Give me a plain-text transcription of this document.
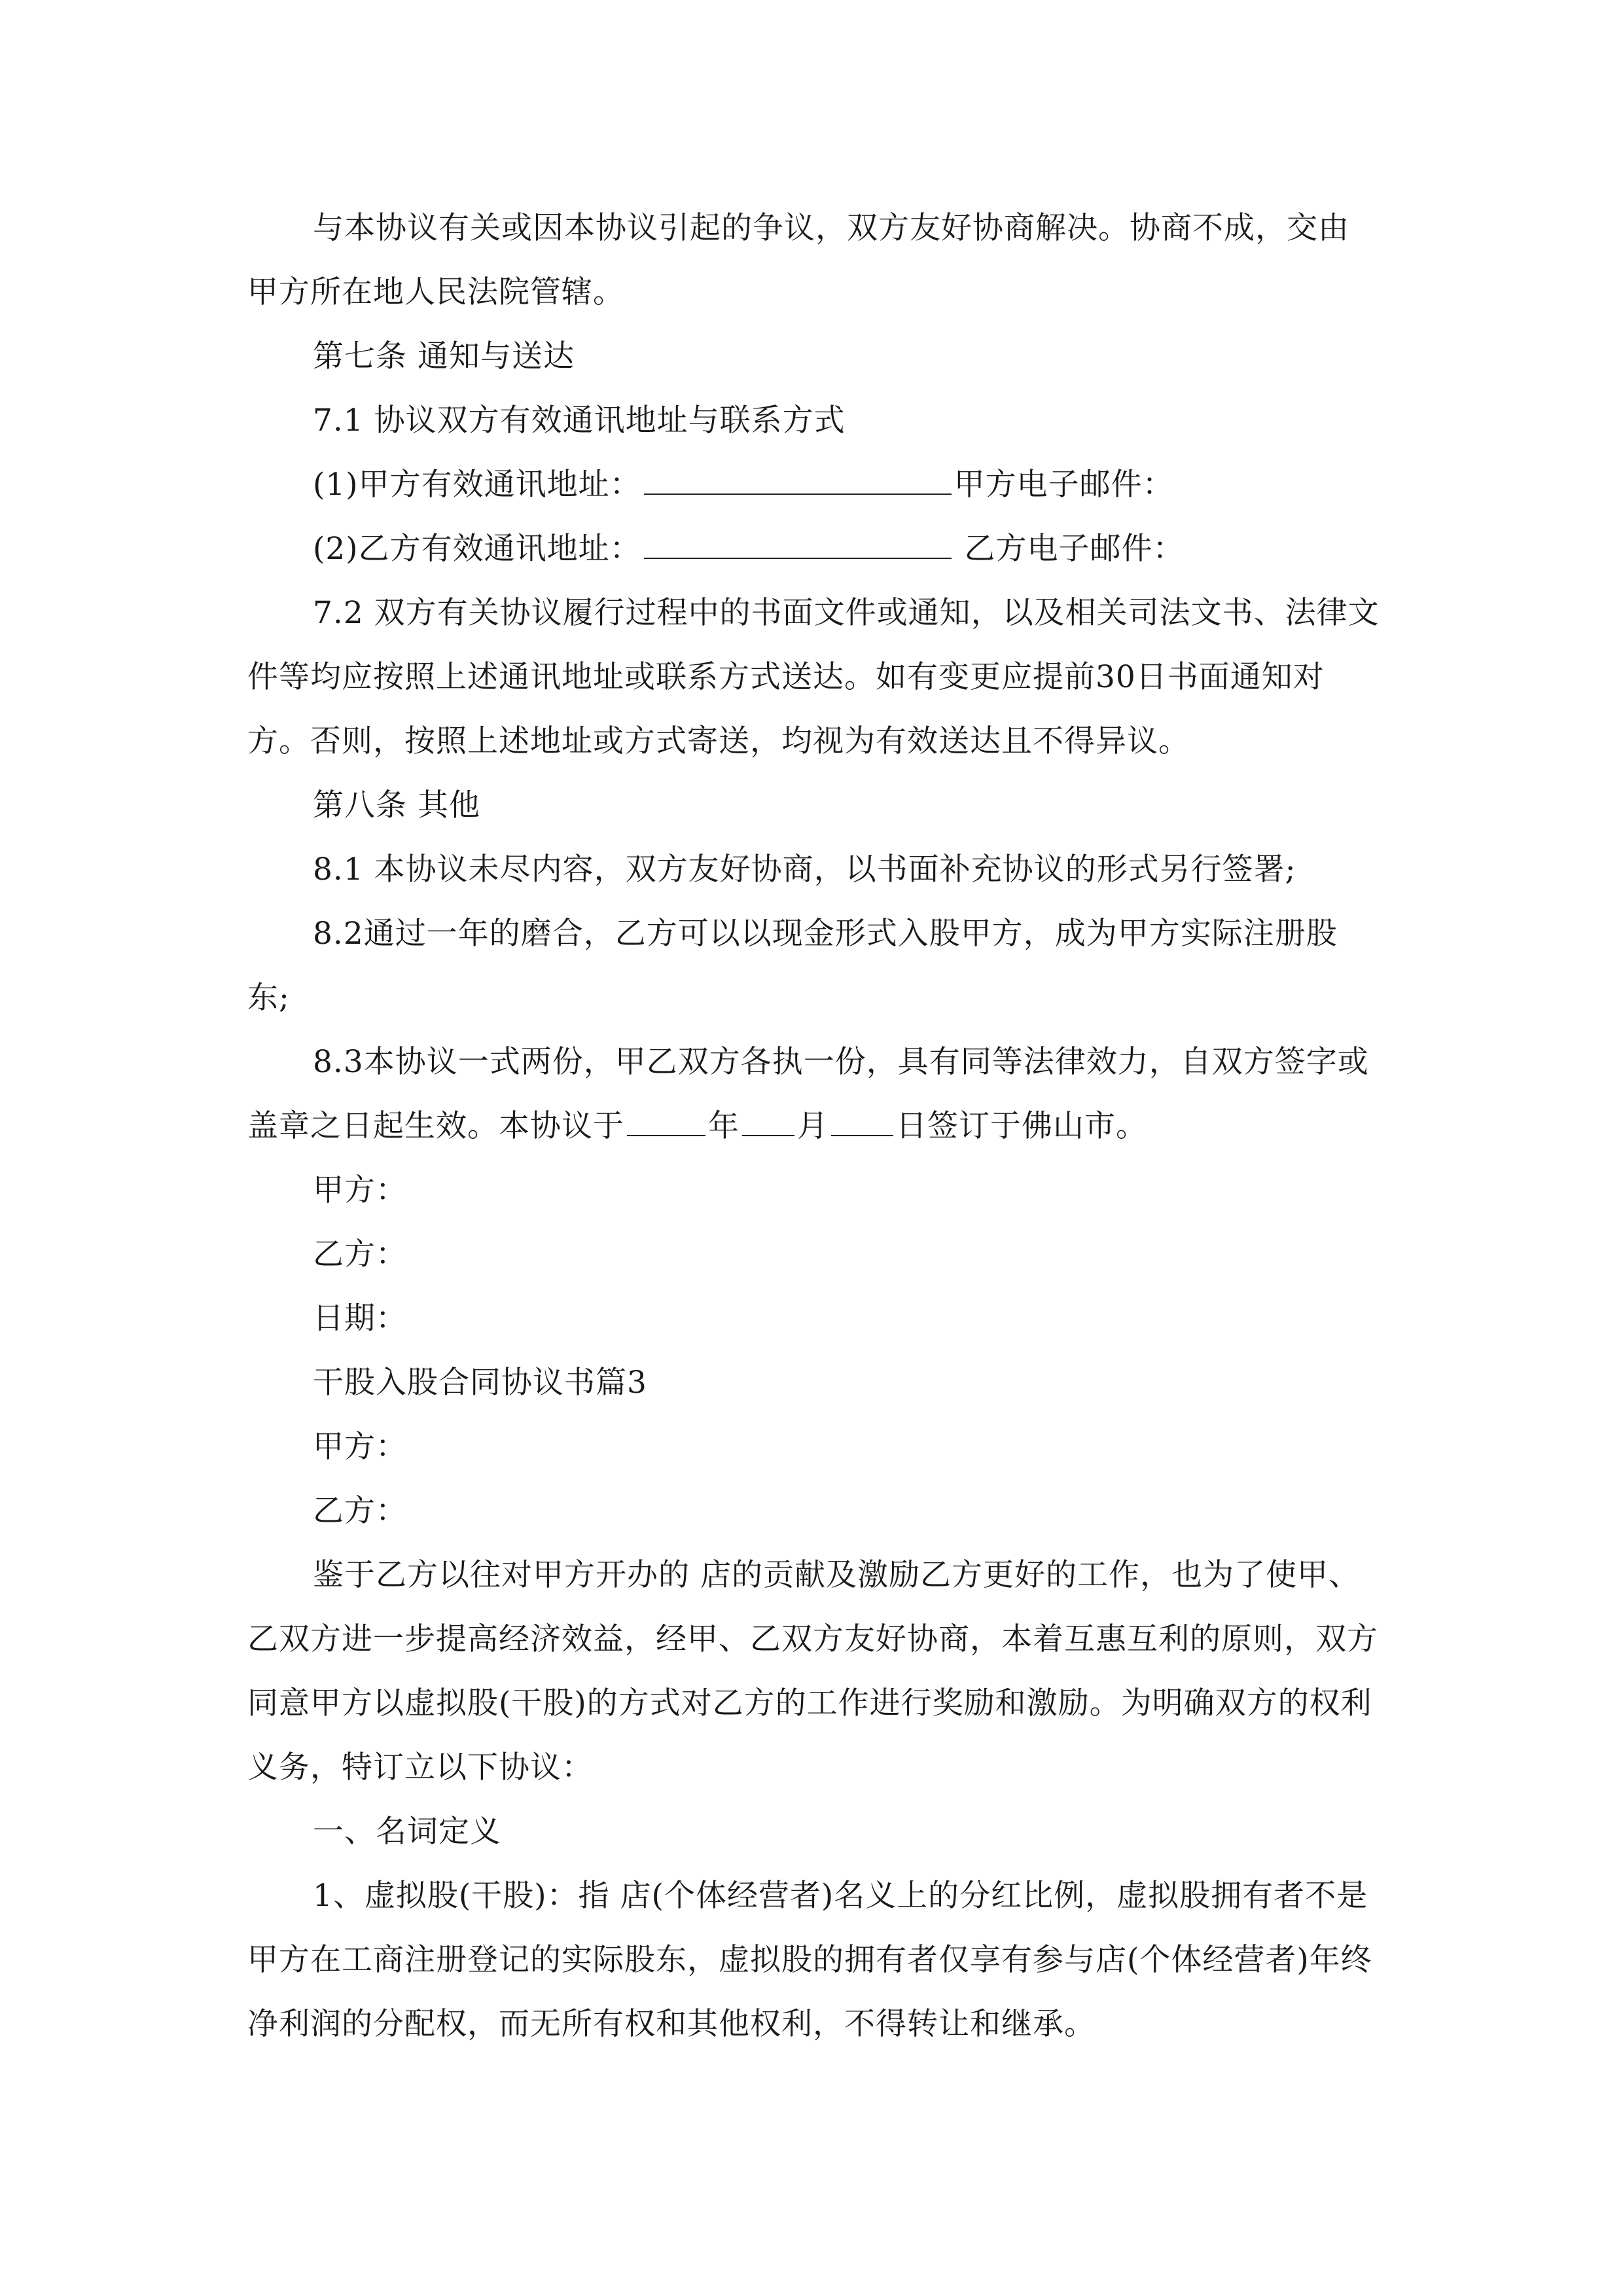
与本协议有关或因本协议引起的争议，双方友好协商解决。协商不成，交由甲方所在地人民法院管辖。

第七条 通知与送达

7.1 协议双方有效通讯地址与联系方式

(1)甲方有效通讯地址：	甲方电子邮件：

(2)乙方有效通讯地址：	乙方电子邮件：

7.2 双方有关协议履行过程中的书面文件或通知，以及相关司法文书、法律文件等均应按照上述通讯地址或联系方式送达。如有变更应提前30日书面通知对方。否则，按照上述地址或方式寄送，均视为有效送达且不得异议。

第八条 其他

8.1 本协议未尽内容，双方友好协商，以书面补充协议的形式另行签署;

8.2通过一年的磨合，乙方可以以现金形式入股甲方，成为甲方实际注册股东;

8.3本协议一式两份，甲乙双方各执一份，具有同等法律效力，自双方签字或盖章之日起生效。本协议于	年 月 日签订于佛山市。

甲方：

乙方：

日期：

干股入股合同协议书篇3

甲方：

乙方：

鉴于乙方以往对甲方开办的 店的贡献及激励乙方更好的工作，也为了使甲、乙双方进一步提高经济效益，经甲、乙双方友好协商，本着互惠互利的原则，双方同意甲方以虚拟股(干股)的方式对乙方的工作进行奖励和激励。为明确双方的权利义务，特订立以下协议：

一、名词定义

1、虚拟股(干股)：指 店(个体经营者)名义上的分红比例，虚拟股拥有者不是甲方在工商注册登记的实际股东，虚拟股的拥有者仅享有参与店(个体经营者)年终净利润的分配权，而无所有权和其他权利，不得转让和继承。
